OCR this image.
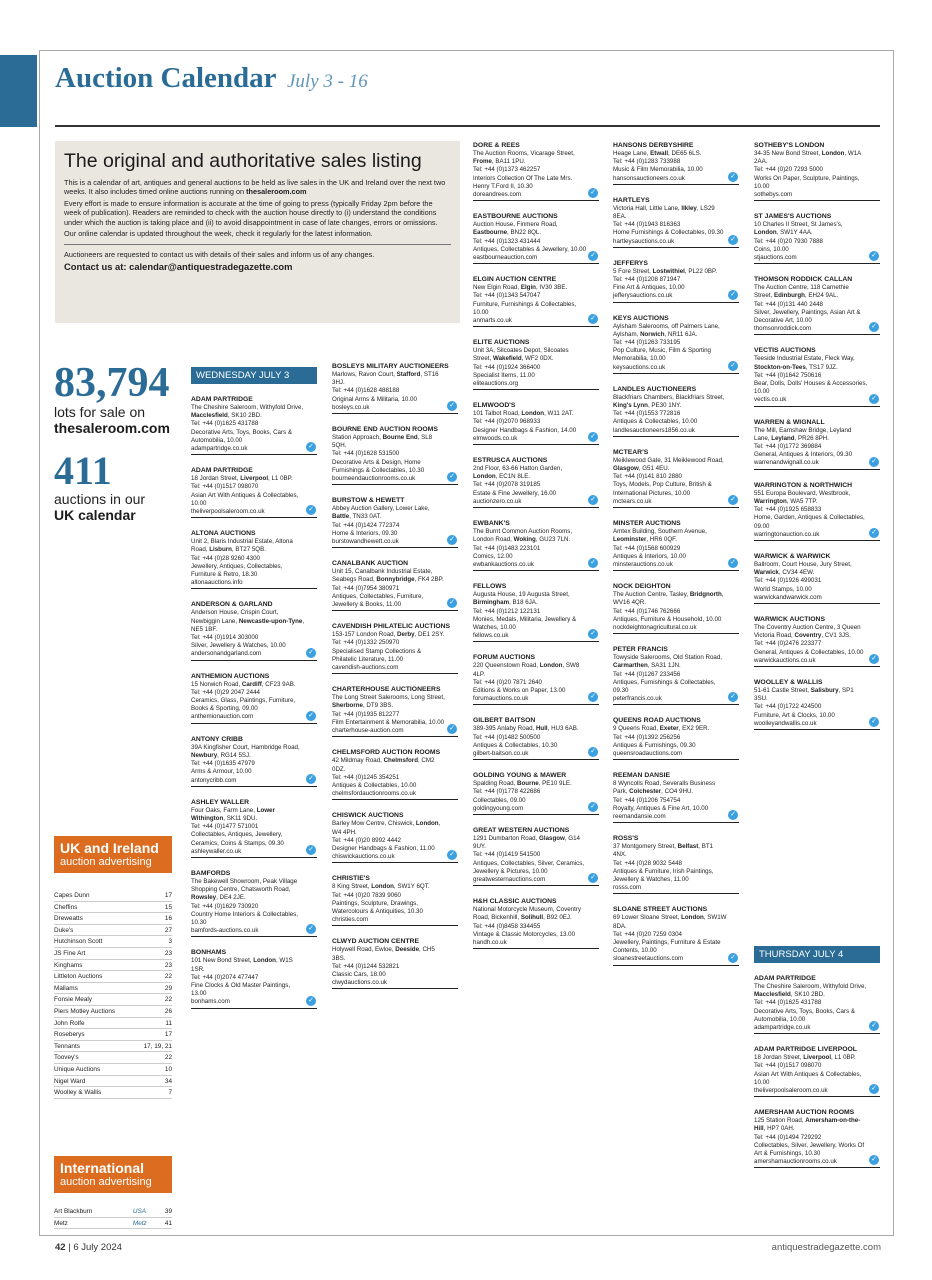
Auction Calendar July 3 - 16
The original and authoritative sales listing

This is a calendar of art, antiques and general auctions to be held as live sales in the UK and Ireland over the next two weeks. It also includes timed online auctions running on thesaleroom.com

Every effort is made to ensure information is accurate at the time of going to press (typically Friday 2pm before the week of publication). Readers are reminded to check with the auction house directly to (i) understand the conditions under which the auction is taking place and (ii) to avoid disappointment in case of late changes, errors or omissions.

Our online calendar is updated throughout the week, check it regularly for the latest information.

Auctioneers are requested to contact us with details of their sales and inform us of any changes.

Contact us at: calendar@antiquestradegazette.com

83,794
lots for sale on
thesaleroom.com
411
auctions in our
UK calendar
UK and Ireland
auction advertising
Capes Dunn	17
Cheffins	15
Dreweatts	16
Duke's	27
Hutchinson Scott	3
JS Fine Art	23
Kinghams	23
Littleton Auctions	22
Mallams	29
Fonsie Mealy	22
Piers Motley Auctions	26
John Rolfe	11
Roseberys	17
Tennants	17, 19, 21
Toovey's	22
Unique Auctions	10
Nigel Ward	34
Woolley & Wallis	7
International
auction advertising
Art Blackburn	USA	39
Metz	Metz	41
WEDNESDAY JULY 3
ADAM PARTRIDGE
The Cheshire Saleroom, Withyfold Drive, Macclesfield, SK10 2BD.
Tel: +44 (0)1625 431788
Decorative Arts, Toys, Books, Cars & Automobilia, 10.00
adampartridge.co.uk	✓
ADAM PARTRIDGE
18 Jordan Street, Liverpool, L1 0BP.
Tel: +44 (0)1517 098070
Asian Art With Antiques & Collectables, 10.00
theliverpoolsaleroom.co.uk	✓
ALTONA AUCTIONS
Unit 2, Blaris Industrial Estate, Altona Road, Lisburn, BT27 5QB.
Tel: +44 (0)28 9260 4300
Jewellery, Antiques, Collectables, Furniture & Retro, 18.30
altonaauctions.info
ANDERSON & GARLAND
Anderson House, Crispin Court, Newbiggin Lane, Newcastle-upon-Tyne, NE5 1BF.
Tel: +44 (0)1914 303000
Silver, Jewellery & Watches, 10.00
andersonandgarland.com	✓
ANTHEMION AUCTIONS
15 Norwich Road, Cardiff, CF23 9AB.
Tel: +44 (0)29 2047 2444
Ceramics, Glass, Paintings, Furniture, Books & Sporting, 09.00
anthemionauction.com	✓
ANTONY CRIBB
39A Kingfisher Court, Hambridge Road, Newbury, RG14 5SJ.
Tel: +44 (0)1635 47979
Arms & Armour, 10.00
antonycribb.com	✓
ASHLEY WALLER
Four Oaks, Farm Lane, Lower Withington, SK11 9DU.
Tel: +44 (0)1477 571001
Collectables, Antiques, Jewellery, Ceramics, Coins & Stamps, 09.30
ashleywaller.co.uk	✓
BAMFORDS
The Bakewell Showroom, Peak Village Shopping Centre, Chatsworth Road, Rowsley, DE4 2JE.
Tel: +44 (0)1629 730920
Country Home Interiors & Collectables, 10.30
bamfords-auctions.co.uk	✓
BONHAMS
101 New Bond Street, London, W1S 1SR.
Tel: +44 (0)2074 477447
Fine Clocks & Old Master Paintings, 13.00
bonhams.com	✓
BOSLEYS MILITARY AUCTIONEERS
Marlows, Ravon Court, Stafford, ST16 3HJ.
Tel: +44 (0)1628 488188
Original Arms & Militaria, 10.00
bosleys.co.uk	✓
BOURNE END AUCTION ROOMS
Station Approach, Bourne End, SL8 5QH.
Tel: +44 (0)1628 531500
Decorative Arts & Design, Home Furnishings & Collectables, 10.30
bourneendauctionrooms.co.uk	✓
BURSTOW & HEWETT
Abbey Auction Gallery, Lower Lake, Battle, TN33 0AT.
Tel: +44 (0)1424 772374
Home & Interiors, 09.30
burstowandhewett.co.uk	✓
CANALBANK AUCTION
Unit 15, Canalbank Industrial Estate, Seabegs Road, Bonnybridge, FK4 2BP.
Tel: +44 (0)7954 380971
Antiques, Collectables, Furniture, Jewellery & Books, 11.00	✓
CAVENDISH PHILATELIC AUCTIONS
153-157 London Road, Derby, DE1 2SY.
Tel: +44 (0)1332 250970
Specialised Stamp Collections & Philatelic Literature, 11.00
cavendish-auctions.com
CHARTERHOUSE AUCTIONEERS
The Long Street Salerooms, Long Street, Sherborne, DT9 3BS.
Tel: +44 (0)1935 812277
Film Entertainment & Memorabilia, 10.00
charterhouse-auction.com	✓
CHELMSFORD AUCTION ROOMS
42 Mildmay Road, Chelmsford, CM2 0DZ.
Tel: +44 (0)1245 354251
Antiques & Collectables, 10.00
chelmsfordauctionrooms.co.uk
CHISWICK AUCTIONS
Barley Mow Centre, Chiswick, London, W4 4PH.
Tel: +44 (0)20 8992 4442
Designer Handbags & Fashion, 11.00
chiswickauctions.co.uk	✓
CHRISTIE'S
8 King Street, London, SW1Y 6QT.
Tel: +44 (0)20 7839 9060
Paintings, Sculpture, Drawings, Watercolours & Antiquities, 10.30
christies.com
CLWYD AUCTION CENTRE
Holywell Road, Ewloe, Deeside, CH5 3BS.
Tel: +44 (0)1244 532821
Classic Cars, 18.00
clwydauctions.co.uk
DORE & REES
The Auction Rooms, Vicarage Street, Frome, BA11 1PU.
Tel: +44 (0)1373 462257
Interiors Collection Of The Late Mrs. Henry T.Ford II, 10.30
doreandrees.com	✓
EASTBOURNE AUCTIONS
Auction House, Finmere Road, Eastbourne, BN22 8QL.
Tel: +44 (0)1323 431444
Antiques, Collectables & Jewellery, 10.00
eastbourneauction.com	✓
ELGIN AUCTION CENTRE
New Elgin Road, Elgin, IV30 3BE.
Tel: +44 (0)1343 547047
Furniture, Furnishings & Collectables, 10.00
anmarts.co.uk	✓
ELITE AUCTIONS
Unit 3A, Silcoates Depot, Silcoates Street, Wakefield, WF2 0DX.
Tel: +44 (0)1924 366400
Specialist Items, 11.00
eliteauctions.org
ELMWOOD'S
101 Talbot Road, London, W11 2AT.
Tel: +44 (0)2070 968933
Designer Handbags & Fashion, 14.00
elmwoods.co.uk	✓
ESTRUSCA AUCTIONS
2nd Floor, 63-66 Hatton Garden, London, EC1N 8LE.
Tel: +44 (0)2078 319185
Estate & Fine Jewellery, 16.00
auctionzero.co.uk	✓
EWBANK'S
The Burnt Common Auction Rooms, London Road, Woking, GU23 7LN.
Tel: +44 (0)1483 223101
Comics, 12.00
ewbankauctions.co.uk	✓
FELLOWS
Augusta House, 19 Augusta Street, Birmingham, B18 6JA.
Tel: +44 (0)1212 122131
Monies, Medals, Militaria, Jewellery & Watches, 10.00
fellows.co.uk	✓
FORUM AUCTIONS
220 Queenstown Road, London, SW8 4LP.
Tel: +44 (0)20 7871 2640
Editions & Works on Paper, 13.00
forumauctions.co.uk	✓
GILBERT BAITSON
389-395 Anlaby Road, Hull, HU3 6AB.
Tel: +44 (0)1482 500500
Antiques & Collectables, 10.30
gilbert-baitson.co.uk	✓
GOLDING YOUNG & MAWER
Spalding Road, Bourne, PE10 9LE.
Tel: +44 (0)1778 422686
Collectables, 09.00
goldingyoung.com	✓
GREAT WESTERN AUCTIONS
1291 Dumbarton Road, Glasgow, G14 9UY.
Tel: +44 (0)1419 541500
Antiques, Collectables, Silver, Ceramics, Jewellery & Pictures, 10.00
greatwesternauctions.com	✓
H&H CLASSIC AUCTIONS
National Motorcycle Museum, Coventry Road, Bickenhill, Solihull, B92 0EJ.
Tel: +44 (0)8458 334455
Vintage & Classic Motorcycles, 13.00
handh.co.uk
HANSONS DERBYSHIRE
Heage Lane, Etwall, DE65 6LS.
Tel: +44 (0)1283 733988
Music & Film Memorabilia, 10.00
hansonsauctioneers.co.uk	✓
HARTLEYS
Victoria Hall, Little Lane, Ilkley, LS29 8EA.
Tel: +44 (0)1943 816363
Home Furnishings & Collectables, 09.30
hartleysauctions.co.uk	✓
JEFFERYS
5 Fore Street, Lostwithiel, PL22 0BP.
Tel: +44 (0)1208 871947
Fine Art & Antiques, 10.00
jefferysauctions.co.uk	✓
KEYS AUCTIONS
Aylsham Salerooms, off Palmers Lane, Aylsham, Norwich, NR11 6JA.
Tel: +44 (0)1263 733195
Pop Culture, Music, Film & Sporting Memorabilia, 10.00
keysauctions.co.uk	✓
LANDLES AUCTIONEERS
Blackfriars Chambers, Blackfriars Street, King's Lynn, PE30 1NY.
Tel: +44 (0)1553 772816
Antiques & Collectables, 10.00
landlesauctioneers1856.co.uk
MCTEAR'S
Meiklewood Gate, 31 Meiklewood Road, Glasgow, G51 4EU.
Tel: +44 (0)141 810 2880
Toys, Models, Pop Culture, British & International Pictures, 10.00
mctears.co.uk	✓
MINSTER AUCTIONS
Amtex Building, Southern Avenue, Leominster, HR6 0QF.
Tel: +44 (0)1568 600929
Antiques & Interiors, 10.00
minsterauctions.co.uk	✓
NOCK DEIGHTON
The Auction Centre, Tasley, Bridgnorth, WV16 4QR.
Tel: +44 (0)1746 762666
Antiques, Furniture & Household, 10.00
nockdeightonagricultural.co.uk
PETER FRANCIS
Towyside Salerooms, Old Station Road, Carmarthen, SA31 1JN.
Tel: +44 (0)1267 233456
Antiques, Furnishings & Collectables, 09.30
peterfrancis.co.uk	✓
QUEENS ROAD AUCTIONS
9 Queens Road, Exeter, EX2 9ER.
Tel: +44 (0)1392 256256
Antiques & Furnishings, 09.30
queensroadauctions.com
REEMAN DANSIE
8 Wyncolls Road, Severalls Business Park, Colchester, CO4 9HU.
Tel: +44 (0)1206 754754
Royalty, Antiques & Fine Art, 10.00
reemandansie.com	✓
ROSS'S
37 Montgomery Street, Belfast, BT1 4NX.
Tel: +44 (0)28 9032 5448
Antiques & Furniture, Irish Paintings, Jewellery & Watches, 11.00
rosss.com
SLOANE STREET AUCTIONS
69 Lower Sloane Street, London, SW1W 8DA.
Tel: +44 (0)20 7259 0304
Jewellery, Paintings, Furniture & Estate Contents, 10.00
sloanestreetauctions.com	✓
SOTHEBY'S LONDON
34-35 New Bond Street, London, W1A 2AA.
Tel: +44 (0)20 7293 5000
Works On Paper, Sculpture, Paintings, 10.00
sothebys.com
ST JAMES'S AUCTIONS
10 Charles II Street, St James's, London, SW1Y 4AA.
Tel: +44 (0)20 7930 7888
Coins, 10.00
stjauctions.com	✓
THOMSON RODDICK CALLAN
The Auction Centre, 118 Carnethie Street, Edinburgh, EH24 9AL.
Tel: +44 (0)131 440 2448
Silver, Jewellery, Paintings, Asian Art & Decorative Art, 10.00
thomsonroddick.com	✓
VECTIS AUCTIONS
Teeside Industrial Estate, Fleck Way, Stockton-on-Tees, TS17 9JZ.
Tel: +44 (0)1642 750616
Bear, Dolls, Dolls' Houses & Accessories, 10.00
vectis.co.uk	✓
WARREN & WIGNALL
The Mill, Earnshaw Bridge, Leyland Lane, Leyland, PR26 8PH.
Tel: +44 (0)1772 369884
General, Antiques & Interiors, 09.30
warrenandwignall.co.uk	✓
WARRINGTON & NORTHWICH
551 Europa Boulevard, Westbrook, Warrington, WA5 7TP.
Tel: +44 (0)1925 658833
Home, Garden, Antiques & Collectables, 09.00
warringtonauction.co.uk	✓
WARWICK & WARWICK
Ballroom, Court House, Jury Street, Warwick, CV34 4EW.
Tel: +44 (0)1926 499031
World Stamps, 10.00
warwickandwarwick.com
WARWICK AUCTIONS
The Coventry Auction Centre, 3 Queen Victoria Road, Coventry, CV1 3JS.
Tel: +44 (0)2476 223377
General, Antiques & Collectables, 10.00
warwickauctions.co.uk	✓
WOOLLEY & WALLIS
51-61 Castle Street, Salisbury, SP1 3SU.
Tel: +44 (0)1722 424500
Furniture, Art & Clocks, 10.00
woolleyandwallis.co.uk	✓
THURSDAY JULY 4
ADAM PARTRIDGE
The Cheshire Saleroom, Withyfold Drive, Macclesfield, SK10 2BD.
Tel: +44 (0)1625 431788
Decorative Arts, Toys, Books, Cars & Automobilia, 10.00
adampartridge.co.uk	✓
ADAM PARTRIDGE LIVERPOOL
18 Jordan Street, Liverpool, L1 0BP.
Tel: +44 (0)1517 098070
Asian Art With Antiques & Collectables, 10.00
theliverpoolsaleroom.co.uk	✓
AMERSHAM AUCTION ROOMS
125 Station Road, Amersham-on-the-Hill, HP7 0AH.
Tel: +44 (0)1494 729292
Collectables, Silver, Jewellery, Works Of Art & Furnishings, 10.30
amershamauctionrooms.co.uk	✓
42 | 6 July 2024	antiquestradegazette.com
